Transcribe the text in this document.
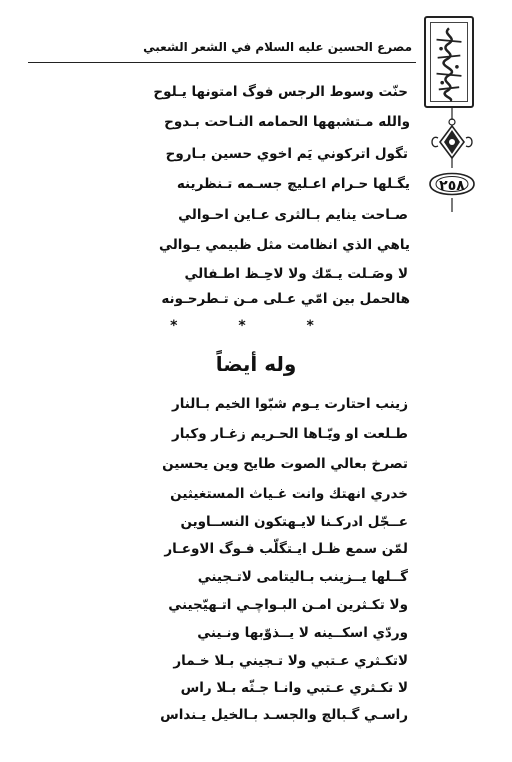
مصرع الحسين عليه السلام في الشعر الشعبي
٢٥٨
حنّت وسوط الرجس فوگ امتونها يـلوح
والله مـتشبهها الحمامه النـاحت بـدوح
تگول اتركوني يَم اخوي حسين بـاروح
يگـلها حـرام اعـليچ جسـمه تـنظرينه
صـاحت ينايم بـالثرى عـاين احـوالي
ياهي الذي انظامت مثل ظبيمي يـوالي
لا وصَـلت يـمّك ولا لاحِـظ اطـفالي
هالحمل بين امّي عـلى مـن تـطرحـونه
* * *
وله أيضاً
زينب احتارت يـوم شبّوا الخيم بـالنار
طـلعت او ويّـاها الحـريم زغـار وكبار
تصرخ بعالي الصوت طايح وين يحسين
خدري انهتك وانت غـياث المستغيثين
عــجّل ادركـنا لايـهتكون النســاوين
لمّن سمع ظـل ايـتگلّب فـوگ الاوعـار
گــلها يــزينب بـاليتامى لاتـجيني
ولا تكـثرين امـن البـواچـي اتـهيّجيني
وردّي اسكــينه لا يــذوّبها ونـيني
لاتكـثري عـتبي ولا تـجيني بـلا خـمار
لا تكـثري عـتبي وانـا جـثّه بـلا راس
راسـي گـبالچ والجسـد بـالخيل يـنداس
